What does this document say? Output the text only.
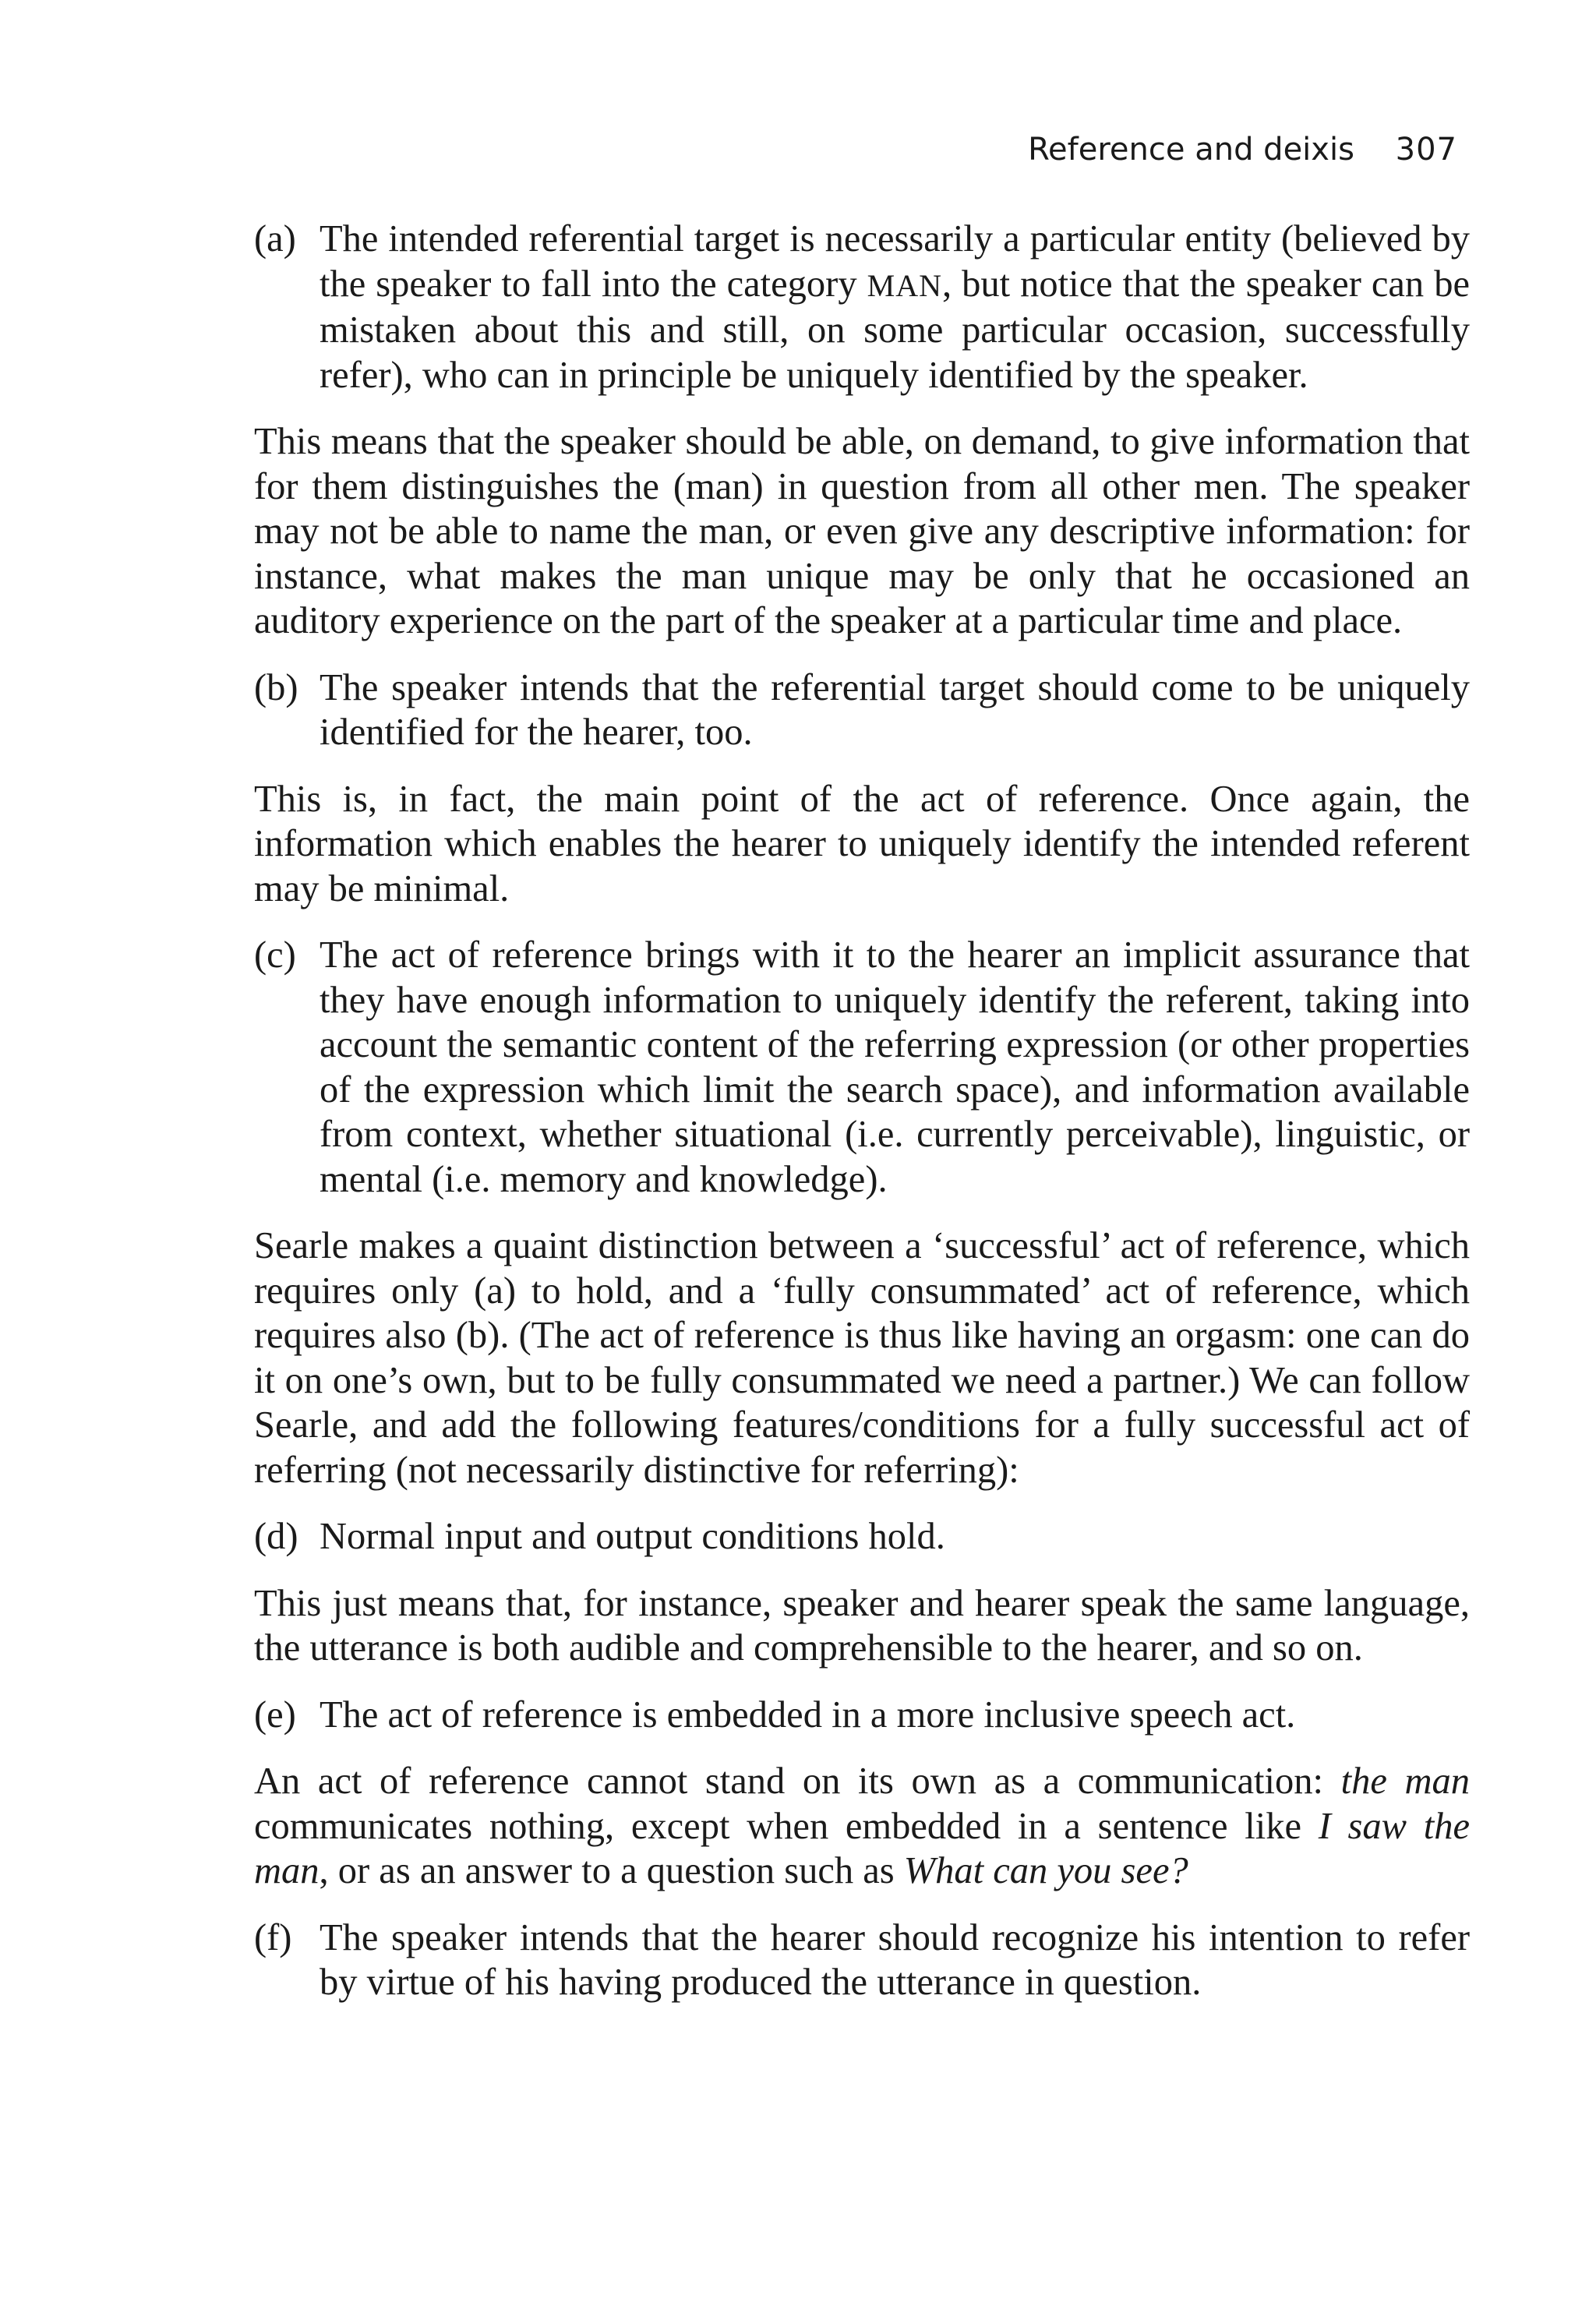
Reference and deixis 307
(a) The intended referential target is necessarily a particular entity (believed by the speaker to fall into the category MAN, but notice that the speaker can be mistaken about this and still, on some particular occasion, successfully refer), who can in principle be uniquely identified by the speaker.

This means that the speaker should be able, on demand, to give information that for them distinguishes the (man) in question from all other men. The speaker may not be able to name the man, or even give any descriptive information: for instance, what makes the man unique may be only that he occasioned an auditory experience on the part of the speaker at a particular time and place.

(b) The speaker intends that the referential target should come to be uniquely identified for the hearer, too.

This is, in fact, the main point of the act of reference. Once again, the information which enables the hearer to uniquely identify the intended referent may be minimal.

(c) The act of reference brings with it to the hearer an implicit assurance that they have enough information to uniquely identify the referent, taking into account the semantic content of the referring expression (or other properties of the expression which limit the search space), and information available from context, whether situational (i.e. currently perceivable), linguistic, or mental (i.e. memory and knowledge).

Searle makes a quaint distinction between a ‘successful’ act of reference, which requires only (a) to hold, and a ‘fully consummated’ act of reference, which requires also (b). (The act of reference is thus like having an orgasm: one can do it on one’s own, but to be fully consummated we need a partner.) We can follow Searle, and add the following features/conditions for a fully successful act of referring (not necessarily distinctive for referring):

(d) Normal input and output conditions hold.

This just means that, for instance, speaker and hearer speak the same language, the utterance is both audible and comprehensible to the hearer, and so on.

(e) The act of reference is embedded in a more inclusive speech act.

An act of reference cannot stand on its own as a communication: the man communicates nothing, except when embedded in a sentence like I saw the man, or as an answer to a question such as What can you see?

(f) The speaker intends that the hearer should recognize his intention to refer by virtue of his having produced the utterance in question.
